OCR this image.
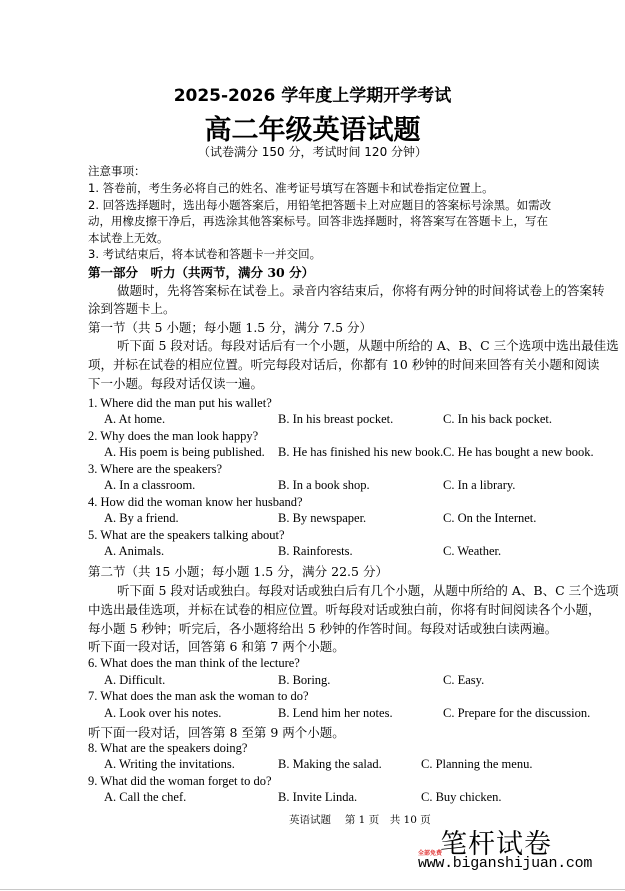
2025-2026 学年度上学期开学考试
高二年级英语试题
（试卷满分 150 分，考试时间 120 分钟）
注意事项：
1. 答卷前，考生务必将自己的姓名、准考证号填写在答题卡和试卷指定位置上。
2. 回答选择题时，选出每小题答案后，用铅笔把答题卡上对应题目的答案标号涂黑。如需改
动，用橡皮擦干净后，再选涂其他答案标号。回答非选择题时，将答案写在答题卡上，写在
本试卷上无效。
3. 考试结束后，将本试卷和答题卡一并交回。
第一部分　听力（共两节，满分 30 分）
做题时，先将答案标在试卷上。录音内容结束后，你将有两分钟的时间将试卷上的答案转
涂到答题卡上。
第一节（共 5 小题；每小题 1.5 分，满分 7.5 分）
听下面 5 段对话。每段对话后有一个小题，从题中所给的 A、B、C 三个选项中选出最佳选
项，并标在试卷的相应位置。听完每段对话后，你都有 10 秒钟的时间来回答有关小题和阅读
下一小题。每段对话仅读一遍。
1. Where did the man put his wallet?
A. At home.	B. In his breast pocket.	C. In his back pocket.
2. Why does the man look happy?
A. His poem is being published. B. He has finished his new book. C. He has bought a new book.
3. Where are the speakers?
A. In a classroom.	B. In a book shop.	C. In a library.
4. How did the woman know her husband?
A. By a friend.	B. By newspaper.	C. On the Internet.
5. What are the speakers talking about?
A. Animals.	B. Rainforests.	C. Weather.
第二节（共 15 小题；每小题 1.5 分，满分 22.5 分）
听下面 5 段对话或独白。每段对话或独白后有几个小题，从题中所给的 A、B、C 三个选项
中选出最佳选项，并标在试卷的相应位置。听每段对话或独白前，你将有时间阅读各个小题，
每小题 5 秒钟；听完后，各小题将给出 5 秒钟的作答时间。每段对话或独白读两遍。
听下面一段对话，回答第 6 和第 7 两个小题。
6. What does the man think of the lecture?
A. Difficult.	B. Boring.	C. Easy.
7. What does the man ask the woman to do?
A. Look over his notes.	B. Lend him her notes.	C. Prepare for the discussion.
听下面一段对话，回答第 8 至第 9 两个小题。
8. What are the speakers doing?
A. Writing the invitations.	B. Making the salad.	C. Planning the menu.
9. What did the woman forget to do?
A. Call the chef.	B. Invite Linda.	C. Buy chicken.
英语试题　 第 1 页　共 10 页
笔杆试卷
全部免费
www.biganshijuan.com
